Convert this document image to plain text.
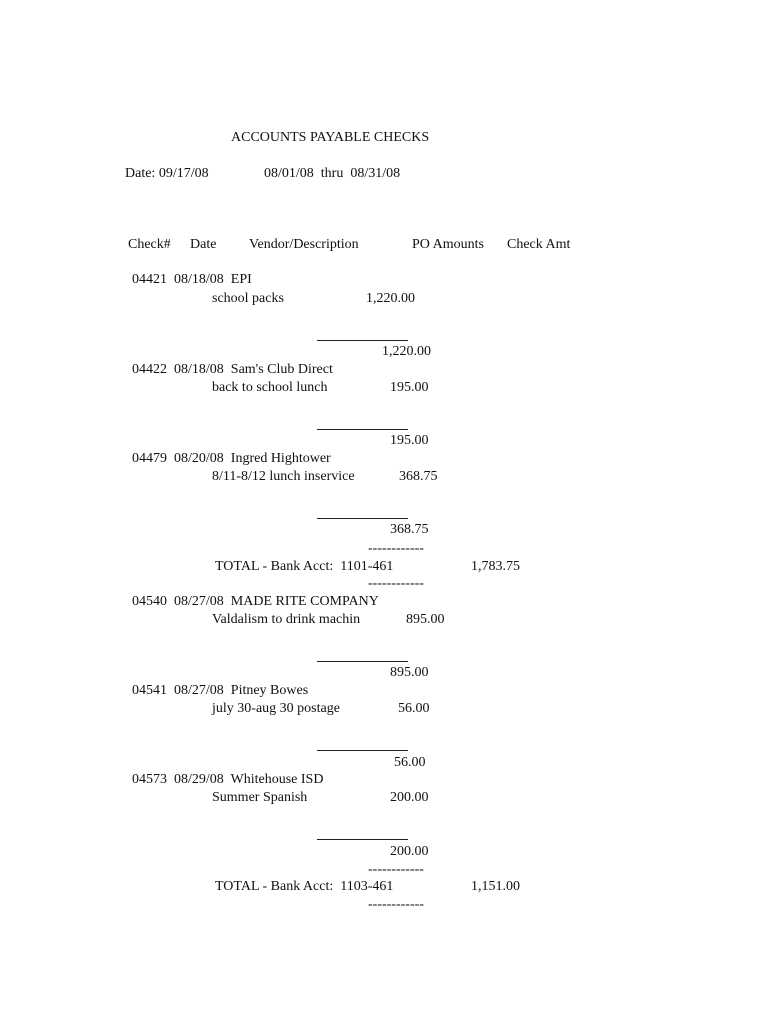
ACCOUNTS PAYABLE CHECKS
Date: 09/17/08	08/01/08  thru  08/31/08
Check# Date Vendor/Description	PO Amounts Check Amt
04421  08/18/08  EPI
school packs	1,220.00
1,220.00
04422  08/18/08  Sam's Club Direct
back to school lunch	195.00
195.00
04479  08/20/08  Ingred Hightower
8/11-8/12 lunch inservice	368.75
368.75
------------
TOTAL - Bank Acct:  1101-461	1,783.75
------------
04540  08/27/08  MADE RITE COMPANY
Valdalism to drink machin	895.00
895.00
04541  08/27/08  Pitney Bowes
july 30-aug 30 postage	56.00
56.00
04573  08/29/08  Whitehouse ISD
Summer Spanish	200.00
200.00
------------
TOTAL - Bank Acct:  1103-461	1,151.00
------------
